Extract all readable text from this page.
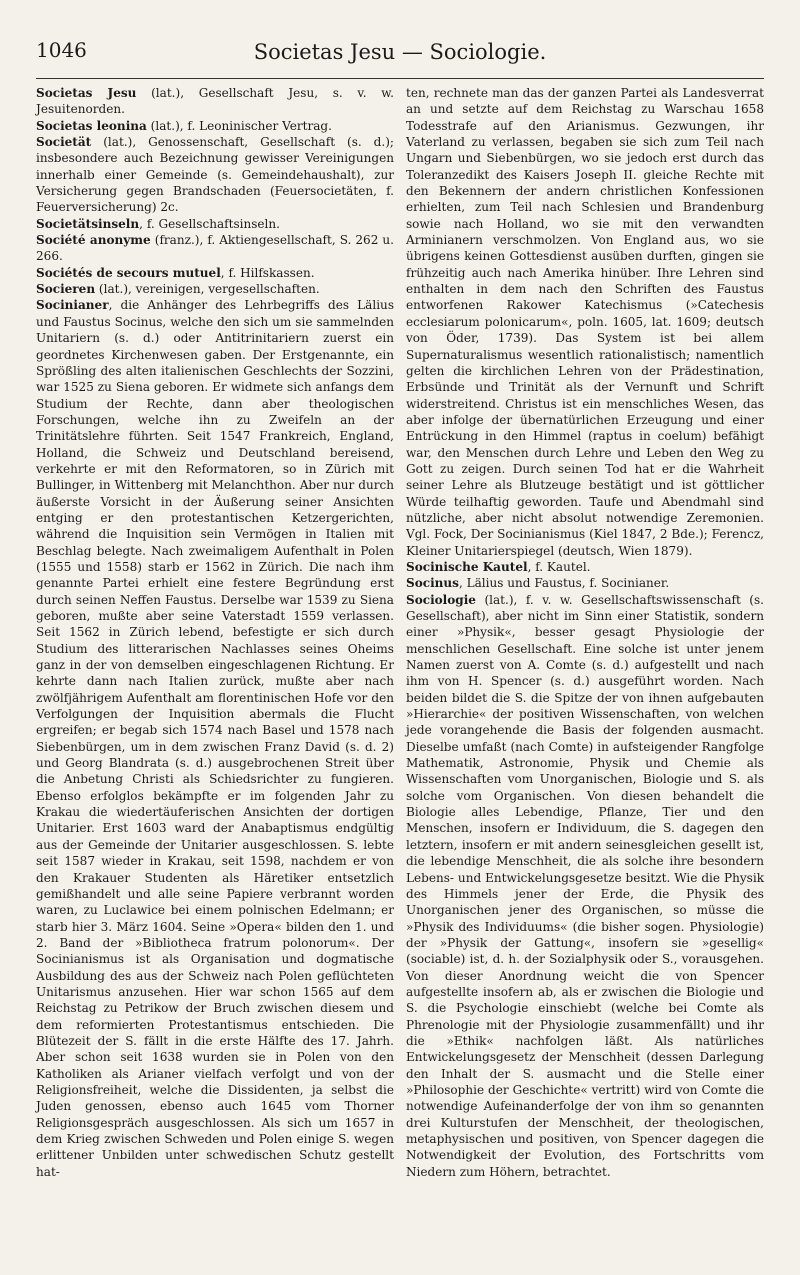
1046	Societas Jesu — Sociologie.

Societas Jesu (lat.), Gesellschaft Jesu, s. v. w. Jesuitenorden.

Societas leonina (lat.), f. Leoninischer Vertrag.

Societät (lat.), Genossenschaft, Gesellschaft (s. d.); insbesondere auch Bezeichnung gewisser Vereinigungen innerhalb einer Gemeinde (s. Gemeindehaushalt), zur Versicherung gegen Brandschaden (Feuersocietäten, f. Feuerversicherung) 2c.

Societätsinseln, f. Gesellschaftsinseln.

Société anonyme (franz.), f. Aktiengesellschaft, S. 262 u. 266.

Sociétés de secours mutuel, f. Hilfskassen.

Socieren (lat.), vereinigen, vergesellschaften.

Socinianer, die Anhänger des Lehrbegriffs des Lälius und Faustus Socinus, welche den sich um sie sammelnden Unitariern (s. d.) oder Antitrinitariern zuerst ein geordnetes Kirchenwesen gaben. Der Erstgenannte, ein Sprößling des alten italienischen Geschlechts der Sozzini, war 1525 zu Siena geboren. Er widmete sich anfangs dem Studium der Rechte, dann aber theologischen Forschungen, welche ihn zu Zweifeln an der Trinitätslehre führten. Seit 1547 Frankreich, England, Holland, die Schweiz und Deutschland bereisend, verkehrte er mit den Reformatoren, so in Zürich mit Bullinger, in Wittenberg mit Melanchthon. Aber nur durch äußerste Vorsicht in der Äußerung seiner Ansichten entging er den protestantischen Ketzergerichten, während die Inquisition sein Vermögen in Italien mit Beschlag belegte. Nach zweimaligem Aufenthalt in Polen (1555 und 1558) starb er 1562 in Zürich. Die nach ihm genannte Partei erhielt eine festere Begründung erst durch seinen Neffen Faustus. Derselbe war 1539 zu Siena geboren, mußte aber seine Vaterstadt 1559 verlassen. Seit 1562 in Zürich lebend, befestigte er sich durch Studium des litterarischen Nachlasses seines Oheims ganz in der von demselben eingeschlagenen Richtung. Er kehrte dann nach Italien zurück, mußte aber nach zwölfjährigem Aufenthalt am florentinischen Hofe vor den Verfolgungen der Inquisition abermals die Flucht ergreifen; er begab sich 1574 nach Basel und 1578 nach Siebenbürgen, um in dem zwischen Franz David (s. d. 2) und Georg Blandrata (s. d.) ausgebrochenen Streit über die Anbetung Christi als Schiedsrichter zu fungieren. Ebenso erfolglos bekämpfte er im folgenden Jahr zu Krakau die wiedertäuferischen Ansichten der dortigen Unitarier. Erst 1603 ward der Anabaptismus endgültig aus der Gemeinde der Unitarier ausgeschlossen. S. lebte seit 1587 wieder in Krakau, seit 1598, nachdem er von den Krakauer Studenten als Häretiker entsetzlich gemißhandelt und alle seine Papiere verbrannt worden waren, zu Luclawice bei einem polnischen Edelmann; er starb hier 3. März 1604. Seine »Opera« bilden den 1. und 2. Band der »Bibliotheca fratrum polonorum«. Der Socinianismus ist als Organisation und dogmatische Ausbildung des aus der Schweiz nach Polen geflüchteten Unitarismus anzusehen. Hier war schon 1565 auf dem Reichstag zu Petrikow der Bruch zwischen diesem und dem reformierten Protestantismus entschieden. Die Blütezeit der S. fällt in die erste Hälfte des 17. Jahrh. Aber schon seit 1638 wurden sie in Polen von den Katholiken als Arianer vielfach verfolgt und von der Religionsfreiheit, welche die Dissidenten, ja selbst die Juden genossen, ebenso auch 1645 vom Thorner Religionsgespräch ausgeschlossen. Als sich um 1657 in dem Krieg zwischen Schweden und Polen einige S. wegen erlittener Unbilden unter schwedischen Schutz gestellt hat-

ten, rechnete man das der ganzen Partei als Landesverrat an und setzte auf dem Reichstag zu Warschau 1658 Todesstrafe auf den Arianismus. Gezwungen, ihr Vaterland zu verlassen, begaben sie sich zum Teil nach Ungarn und Siebenbürgen, wo sie jedoch erst durch das Toleranzedikt des Kaisers Joseph II. gleiche Rechte mit den Bekennern der andern christlichen Konfessionen erhielten, zum Teil nach Schlesien und Brandenburg sowie nach Holland, wo sie mit den verwandten Arminianern verschmolzen. Von England aus, wo sie übrigens keinen Gottesdienst ausüben durften, gingen sie frühzeitig auch nach Amerika hinüber. Ihre Lehren sind enthalten in dem nach den Schriften des Faustus entworfenen Rakower Katechismus (»Catechesis ecclesiarum polonicarum«, poln. 1605, lat. 1609; deutsch von Öder, 1739). Das System ist bei allem Supernaturalismus wesentlich rationalistisch; namentlich gelten die kirchlichen Lehren von der Prädestination, Erbsünde und Trinität als der Vernunft und Schrift widerstreitend. Christus ist ein menschliches Wesen, das aber infolge der übernatürlichen Erzeugung und einer Entrückung in den Himmel (raptus in coelum) befähigt war, den Menschen durch Lehre und Leben den Weg zu Gott zu zeigen. Durch seinen Tod hat er die Wahrheit seiner Lehre als Blutzeuge bestätigt und ist göttlicher Würde teilhaftig geworden. Taufe und Abendmahl sind nützliche, aber nicht absolut notwendige Zeremonien. Vgl. Fock, Der Socinianismus (Kiel 1847, 2 Bde.); Ferencz, Kleiner Unitarierspiegel (deutsch, Wien 1879).

Socinische Kautel, f. Kautel.

Socinus, Lälius und Faustus, f. Socinianer.

Sociologie (lat.), f. v. w. Gesellschaftswissenschaft (s. Gesellschaft), aber nicht im Sinn einer Statistik, sondern einer »Physik«, besser gesagt Physiologie der menschlichen Gesellschaft. Eine solche ist unter jenem Namen zuerst von A. Comte (s. d.) aufgestellt und nach ihm von H. Spencer (s. d.) ausgeführt worden. Nach beiden bildet die S. die Spitze der von ihnen aufgebauten »Hierarchie« der positiven Wissenschaften, von welchen jede vorangehende die Basis der folgenden ausmacht. Dieselbe umfaßt (nach Comte) in aufsteigender Rangfolge Mathematik, Astronomie, Physik und Chemie als Wissenschaften vom Unorganischen, Biologie und S. als solche vom Organischen. Von diesen behandelt die Biologie alles Lebendige, Pflanze, Tier und den Menschen, insofern er Individuum, die S. dagegen den letztern, insofern er mit andern seinesgleichen gesellt ist, die lebendige Menschheit, die als solche ihre besondern Lebens- und Entwickelungsgesetze besitzt. Wie die Physik des Himmels jener der Erde, die Physik des Unorganischen jener des Organischen, so müsse die »Physik des Individuums« (die bisher sogen. Physiologie) der »Physik der Gattung«, insofern sie »gesellig« (sociable) ist, d. h. der Sozialphysik oder S., vorausgehen. Von dieser Anordnung weicht die von Spencer aufgestellte insofern ab, als er zwischen die Biologie und S. die Psychologie einschiebt (welche bei Comte als Phrenologie mit der Physiologie zusammenfällt) und ihr die »Ethik« nachfolgen läßt. Als natürliches Entwickelungsgesetz der Menschheit (dessen Darlegung den Inhalt der S. ausmacht und die Stelle einer »Philosophie der Geschichte« vertritt) wird von Comte die notwendige Aufeinanderfolge der von ihm so genannten drei Kulturstufen der Menschheit, der theologischen, metaphysischen und positiven, von Spencer dagegen die Notwendigkeit der Evolution, des Fortschritts vom Niedern zum Höhern, betrachtet.
